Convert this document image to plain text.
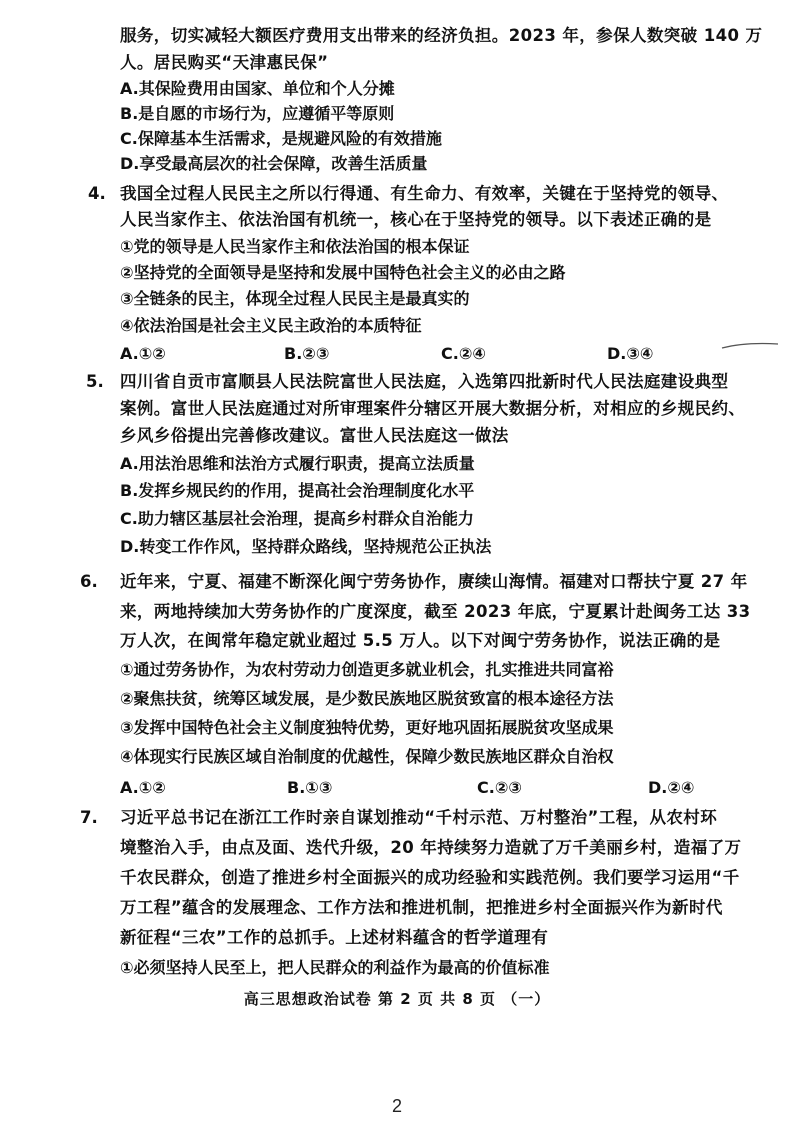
服务，切实减轻大额医疗费用支出带来的经济负担。2023 年，参保人数突破 140 万
人。居民购买“天津惠民保”
A.其保险费用由国家、单位和个人分摊
B.是自愿的市场行为，应遵循平等原则
C.保障基本生活需求，是规避风险的有效措施
D.享受最高层次的社会保障，改善生活质量
4. 我国全过程人民民主之所以行得通、有生命力、有效率，关键在于坚持党的领导、
人民当家作主、依法治国有机统一，核心在于坚持党的领导。以下表述正确的是
①党的领导是人民当家作主和依法治国的根本保证
②坚持党的全面领导是坚持和发展中国特色社会主义的必由之路
③全链条的民主，体现全过程人民民主是最真实的
④依法治国是社会主义民主政治的本质特征
A.①②	B.②③	C.②④	D.③④
5. 四川省自贡市富顺县人民法院富世人民法庭，入选第四批新时代人民法庭建设典型
案例。富世人民法庭通过对所审理案件分辖区开展大数据分析，对相应的乡规民约、
乡风乡俗提出完善修改建议。富世人民法庭这一做法
A.用法治思维和法治方式履行职责，提高立法质量
B.发挥乡规民约的作用，提高社会治理制度化水平
C.助力辖区基层社会治理，提高乡村群众自治能力
D.转变工作作风，坚持群众路线，坚持规范公正执法
6. 近年来，宁夏、福建不断深化闽宁劳务协作，赓续山海情。福建对口帮扶宁夏 27 年
来，两地持续加大劳务协作的广度深度，截至 2023 年底，宁夏累计赴闽务工达 33
万人次，在闽常年稳定就业超过 5.5 万人。以下对闽宁劳务协作，说法正确的是
①通过劳务协作，为农村劳动力创造更多就业机会，扎实推进共同富裕
②聚焦扶贫，统筹区域发展，是少数民族地区脱贫致富的根本途径方法
③发挥中国特色社会主义制度独特优势，更好地巩固拓展脱贫攻坚成果
④体现实行民族区域自治制度的优越性，保障少数民族地区群众自治权
A.①②	B.①③	C.②③	D.②④
7. 习近平总书记在浙江工作时亲自谋划推动“千村示范、万村整治”工程，从农村环
境整治入手，由点及面、迭代升级，20 年持续努力造就了万千美丽乡村，造福了万
千农民群众，创造了推进乡村全面振兴的成功经验和实践范例。我们要学习运用“千
万工程”蕴含的发展理念、工作方法和推进机制，把推进乡村全面振兴作为新时代
新征程“三农”工作的总抓手。上述材料蕴含的哲学道理有
①必须坚持人民至上，把人民群众的利益作为最高的价值标准
高三思想政治试卷 第 2 页 共 8 页 （一）
2
